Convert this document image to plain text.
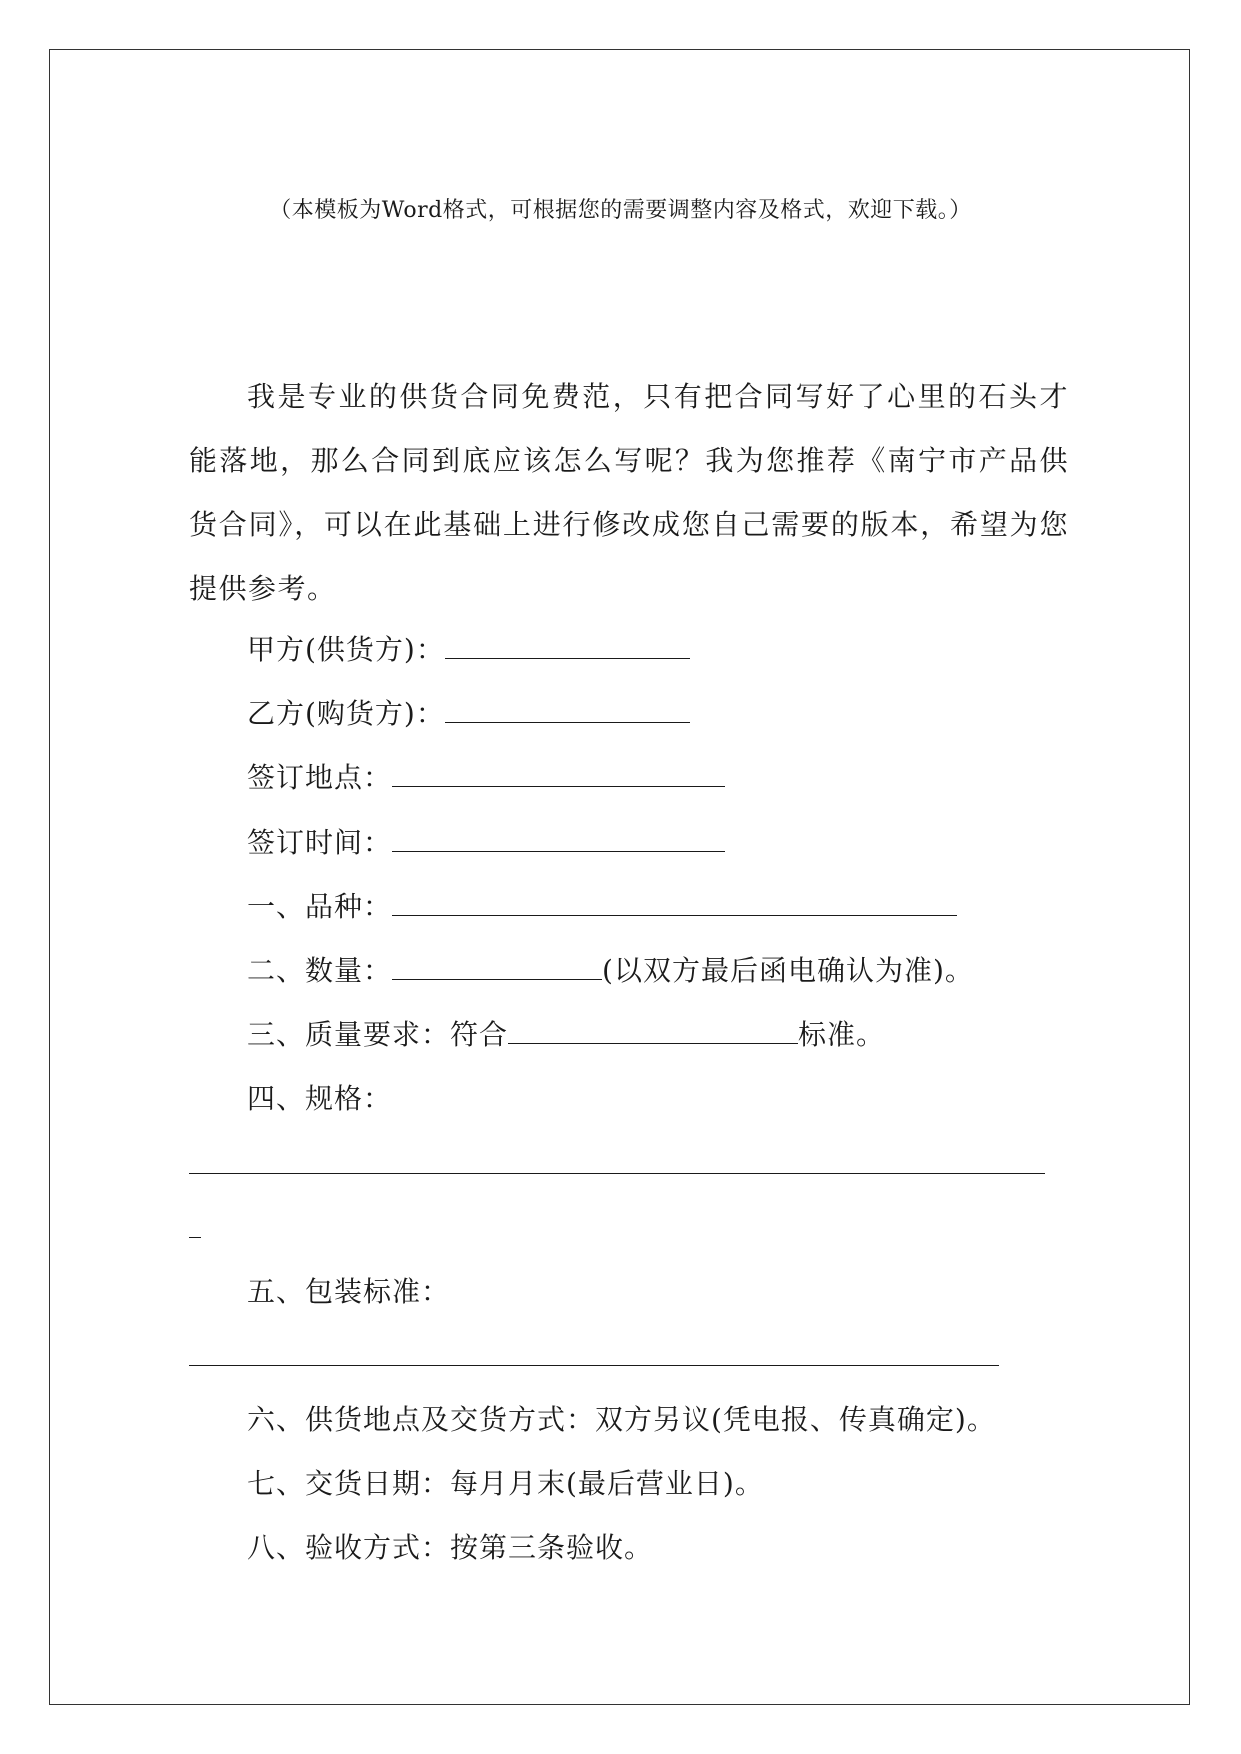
（本模板为Word格式，可根据您的需要调整内容及格式，欢迎下载。）
我是专业的供货合同免费范，只有把合同写好了心里的石头才能落地，那么合同到底应该怎么写呢？我为您推荐《南宁市产品供货合同》，可以在此基础上进行修改成您自己需要的版本，希望为您提供参考。
甲方(供货方)：
乙方(购货方)：
签订地点：
签订时间：
一、品种：
二、数量：	(以双方最后函电确认为准)。
三、质量要求：符合	标准。
四、规格：
五、包装标准：
六、供货地点及交货方式：双方另议(凭电报、传真确定)。
七、交货日期：每月月末(最后营业日)。
八、验收方式：按第三条验收。
